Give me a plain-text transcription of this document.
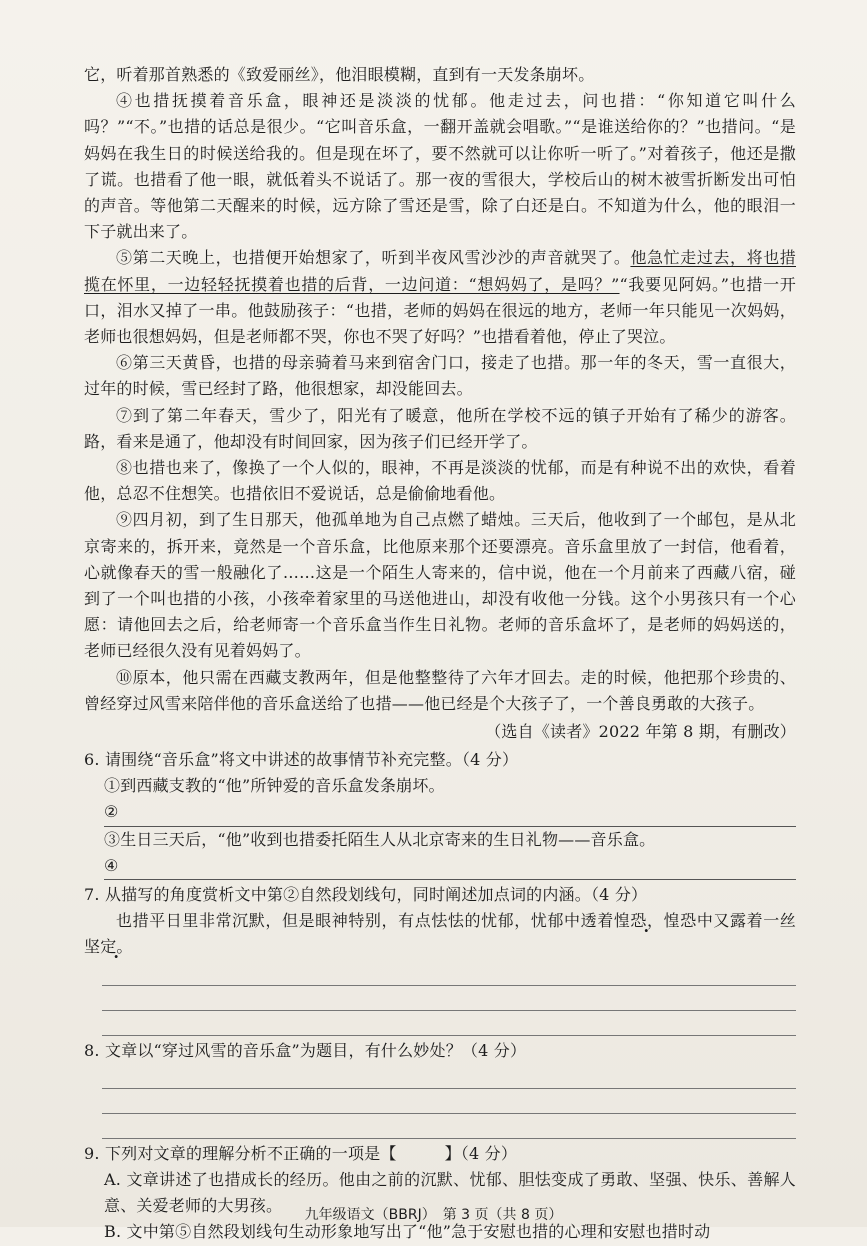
它，听着那首熟悉的《致爱丽丝》，他泪眼模糊，直到有一天发条崩坏。

④也措抚摸着音乐盒，眼神还是淡淡的忧郁。他走过去，问也措：“你知道它叫什么吗？”“不。”也措的话总是很少。“它叫音乐盒，一翻开盖就会唱歌。”“是谁送给你的？”也措问。“是妈妈在我生日的时候送给我的。但是现在坏了，要不然就可以让你听一听了。”对着孩子，他还是撒了谎。也措看了他一眼，就低着头不说话了。那一夜的雪很大，学校后山的树木被雪折断发出可怕的声音。等他第二天醒来的时候，远方除了雪还是雪，除了白还是白。不知道为什么，他的眼泪一下子就出来了。

⑤第二天晚上，也措便开始想家了，听到半夜风雪沙沙的声音就哭了。他急忙走过去，将也措揽在怀里，一边轻轻抚摸着也措的后背，一边问道：“想妈妈了，是吗？”“我要见阿妈。”也措一开口，泪水又掉了一串。他鼓励孩子：“也措，老师的妈妈在很远的地方，老师一年只能见一次妈妈，老师也很想妈妈，但是老师都不哭，你也不哭了好吗？”也措看着他，停止了哭泣。

⑥第三天黄昏，也措的母亲骑着马来到宿舍门口，接走了也措。那一年的冬天，雪一直很大，过年的时候，雪已经封了路，他很想家，却没能回去。

⑦到了第二年春天，雪少了，阳光有了暖意，他所在学校不远的镇子开始有了稀少的游客。路，看来是通了，他却没有时间回家，因为孩子们已经开学了。

⑧也措也来了，像换了一个人似的，眼神，不再是淡淡的忧郁，而是有种说不出的欢快，看着他，总忍不住想笑。也措依旧不爱说话，总是偷偷地看他。

⑨四月初，到了生日那天，他孤单地为自己点燃了蜡烛。三天后，他收到了一个邮包，是从北京寄来的，拆开来，竟然是一个音乐盒，比他原来那个还要漂亮。音乐盒里放了一封信，他看着，心就像春天的雪一般融化了……这是一个陌生人寄来的，信中说，他在一个月前来了西藏八宿，碰到了一个叫也措的小孩，小孩牵着家里的马送他进山，却没有收他一分钱。这个小男孩只有一个心愿：请他回去之后，给老师寄一个音乐盒当作生日礼物。老师的音乐盒坏了，是老师的妈妈送的，老师已经很久没有见着妈妈了。

⑩原本，他只需在西藏支教两年，但是他整整待了六年才回去。走的时候，他把那个珍贵的、曾经穿过风雪来陪伴他的音乐盒送给了也措——他已经是个大孩子了，一个善良勇敢的大孩子。

（选自《读者》2022 年第 8 期，有删改）

6. 请围绕“音乐盒”将文中讲述的故事情节补充完整。（4 分）

①到西藏支教的“他”所钟爱的音乐盒发条崩坏。

②

③生日三天后，“他”收到也措委托陌生人从北京寄来的生日礼物——音乐盒。

④

7. 从描写的角度赏析文中第②自然段划线句，同时阐述加点词的内涵。（4 分）

也措平日里非常沉默，但是眼神特别，有点怯怯的忧郁，忧郁中透着惶恐，惶恐中又露着一丝坚定。

8. 文章以“穿过风雪的音乐盒”为题目，有什么妙处？（4 分）

9. 下列对文章的理解分析不正确的一项是【	】（4 分）

A. 文章讲述了也措成长的经历。他由之前的沉默、忧郁、胆怯变成了勇敢、坚强、快乐、善解人意、关爱老师的大男孩。

B. 文中第⑤自然段划线句生动形象地写出了“他”急于安慰也措的心理和安慰也措时动

九年级语文（BBRJ）　第 3 页（共 8 页）
